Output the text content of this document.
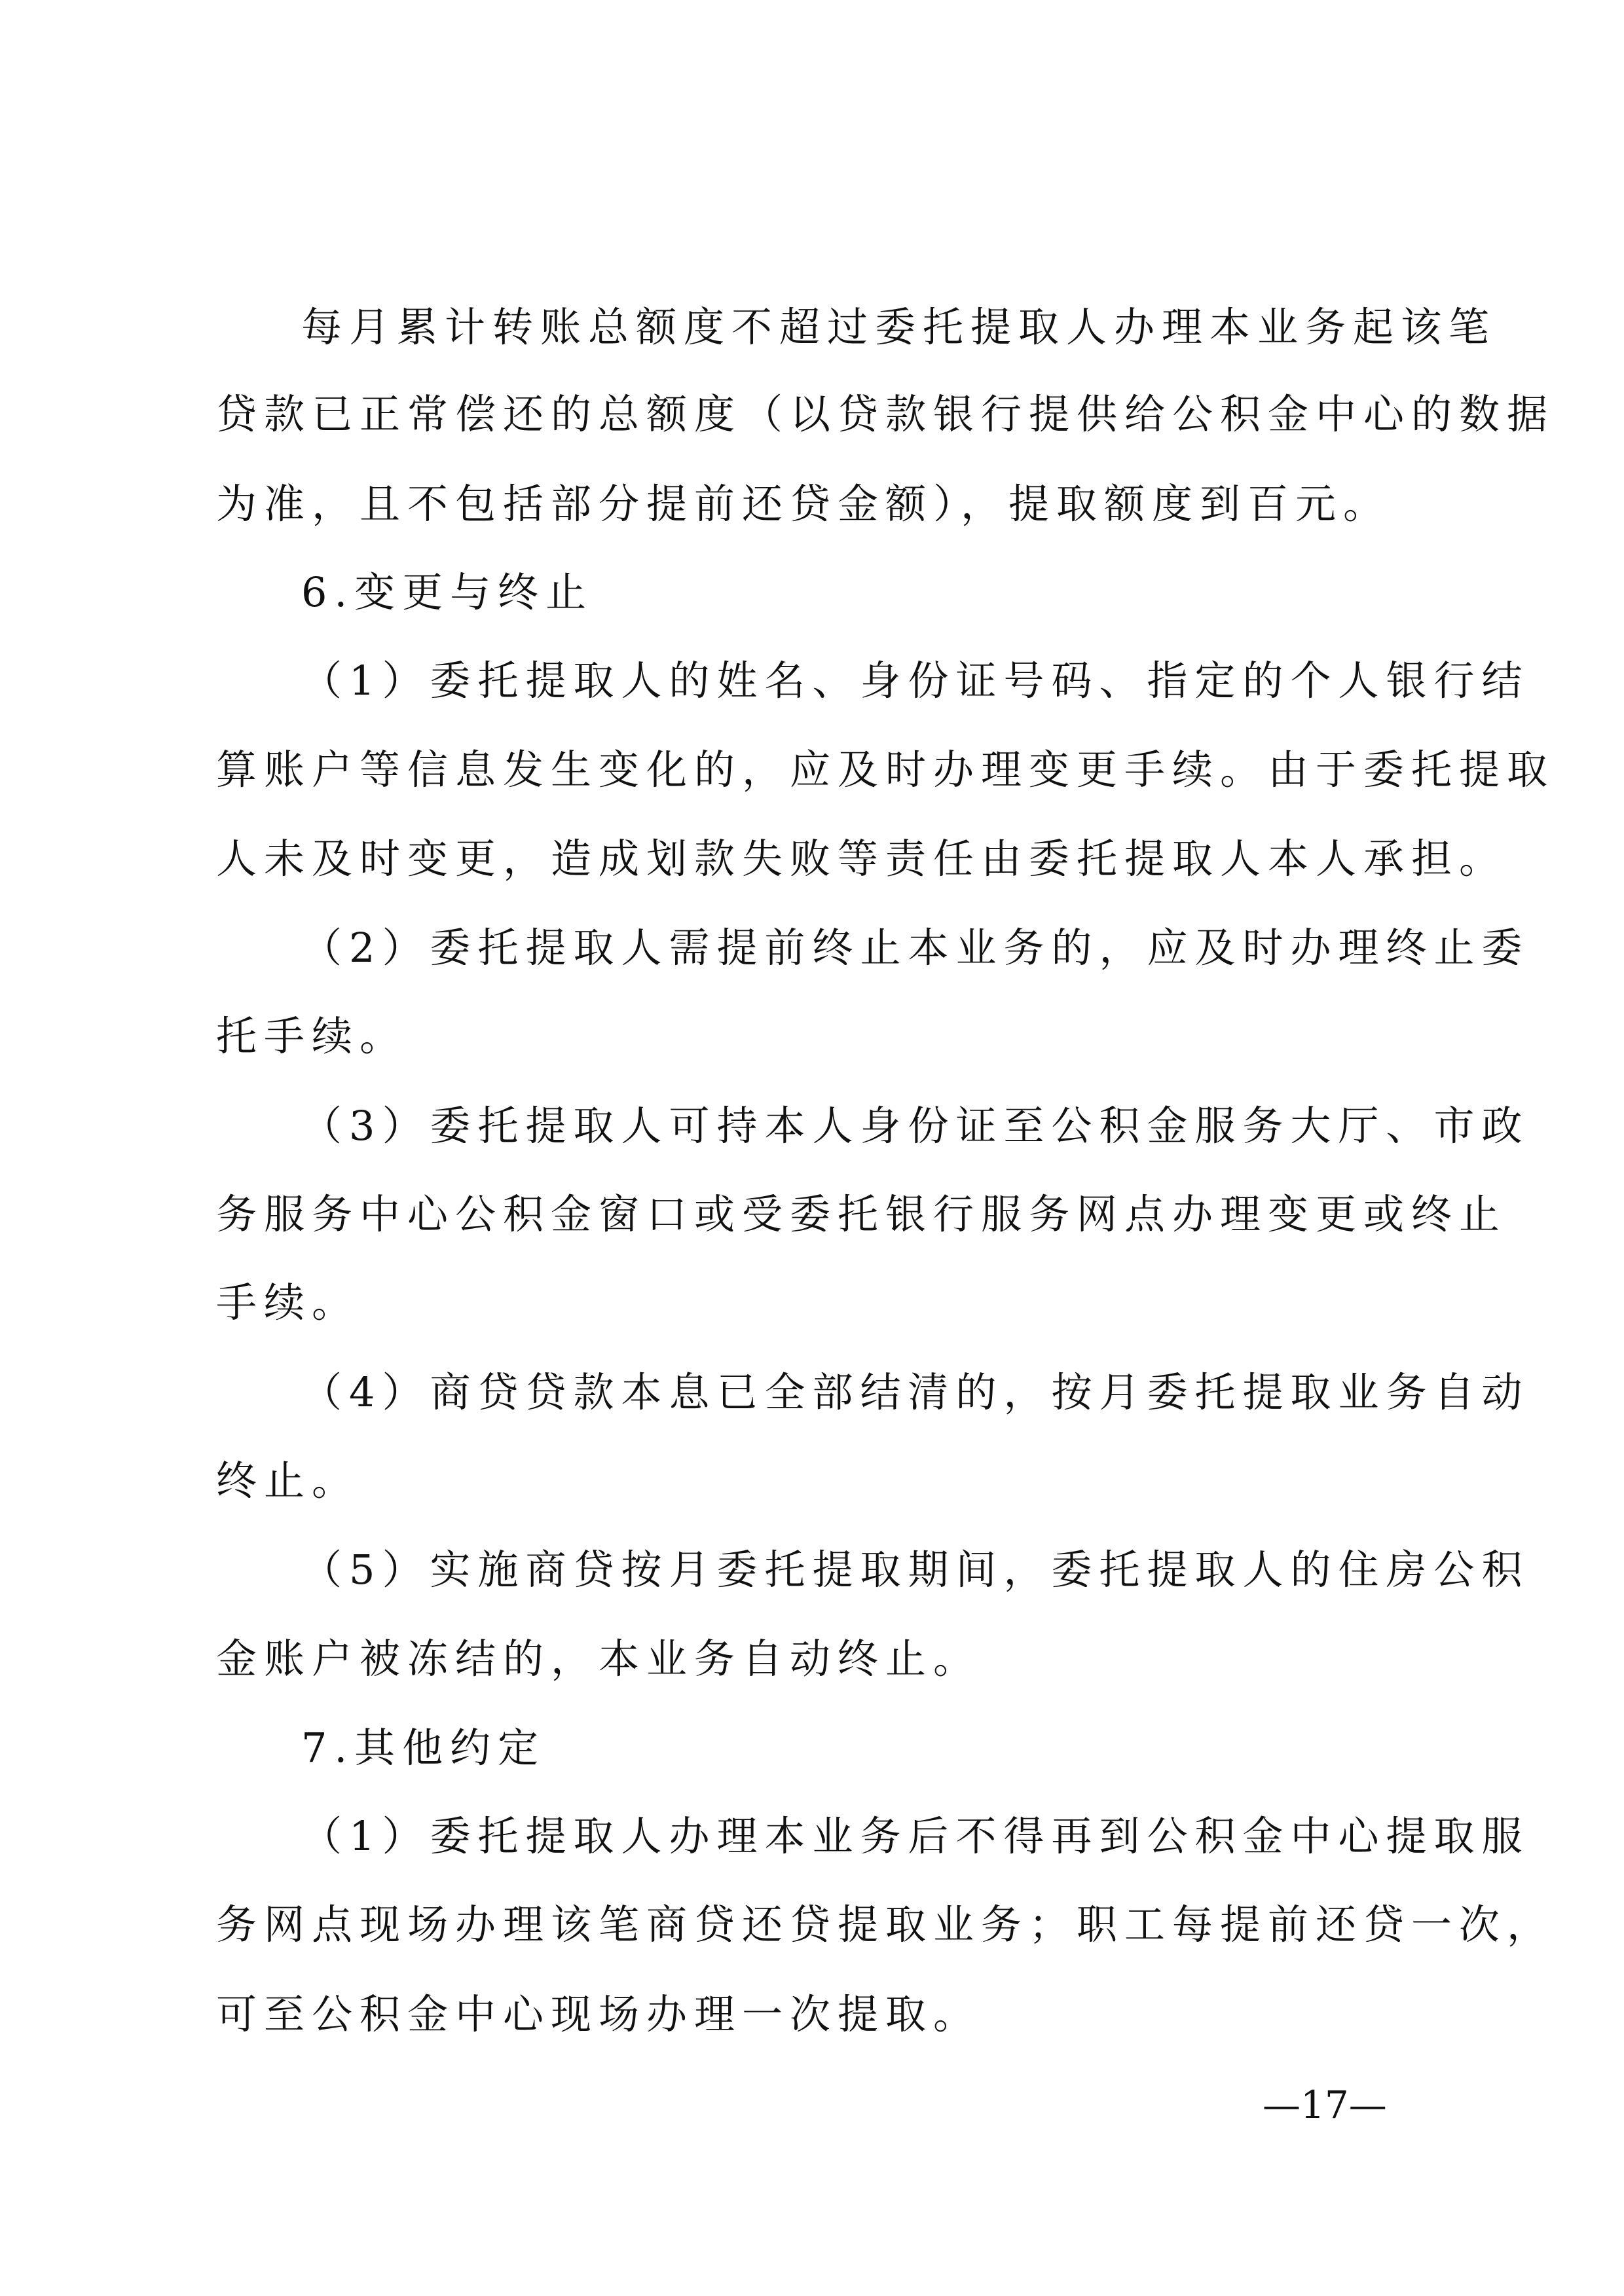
每月累计转账总额度不超过委托提取人办理本业务起该笔
贷款已正常偿还的总额度（以贷款银行提供给公积金中心的数据
为准，且不包括部分提前还贷金额），提取额度到百元。
6.变更与终止
（1）委托提取人的姓名、身份证号码、指定的个人银行结
算账户等信息发生变化的，应及时办理变更手续。由于委托提取
人未及时变更，造成划款失败等责任由委托提取人本人承担。
（2）委托提取人需提前终止本业务的，应及时办理终止委
托手续。
（3）委托提取人可持本人身份证至公积金服务大厅、市政
务服务中心公积金窗口或受委托银行服务网点办理变更或终止
手续。
（4）商贷贷款本息已全部结清的，按月委托提取业务自动
终止。
（5）实施商贷按月委托提取期间，委托提取人的住房公积
金账户被冻结的，本业务自动终止。
7.其他约定
（1）委托提取人办理本业务后不得再到公积金中心提取服
务网点现场办理该笔商贷还贷提取业务；职工每提前还贷一次，
可至公积金中心现场办理一次提取。
—17—
